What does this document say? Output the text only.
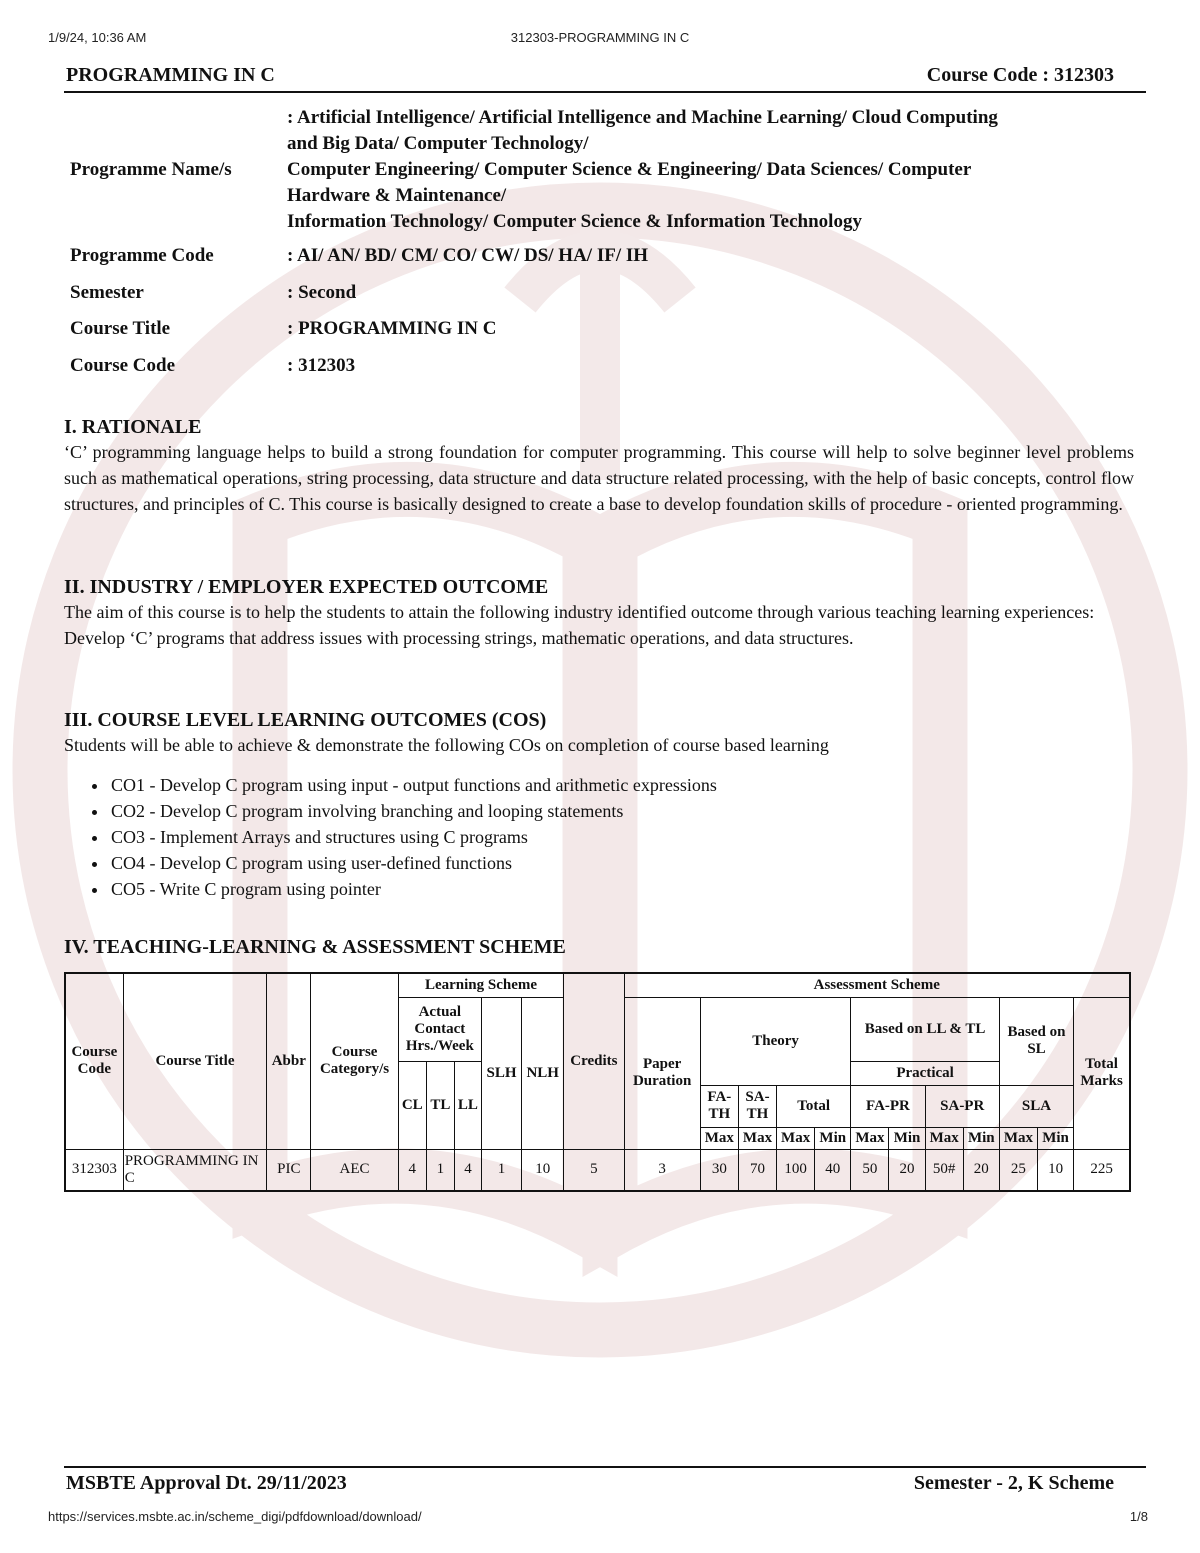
1/9/24, 10:36 AM	312303-PROGRAMMING IN C
PROGRAMMING IN C	Course Code : 312303
Programme Name/s	: Artificial Intelligence/ Artificial Intelligence and Machine Learning/ Cloud Computing
and Big Data/ Computer Technology/
Computer Engineering/ Computer Science & Engineering/ Data Sciences/ Computer
Hardware & Maintenance/
Information Technology/ Computer Science & Information Technology

Programme Code	: AI/ AN/ BD/ CM/ CO/ CW/ DS/ HA/ IF/ IH
Semester	: Second
Course Title	: PROGRAMMING IN C
Course Code	: 312303
I. RATIONALE

‘C’ programming language helps to build a strong foundation for computer programming. This course will help to solve beginner level problems such as mathematical operations, string processing, data structure and data structure related processing, with the help of basic concepts, control flow structures, and principles of C. This course is basically designed to create a base to develop foundation skills of procedure - oriented programming.

II. INDUSTRY / EMPLOYER EXPECTED OUTCOME

The aim of this course is to help the students to attain the following industry identified outcome through various teaching learning experiences: Develop ‘C’ programs that address issues with processing strings, mathematic operations, and data structures.

III. COURSE LEVEL LEARNING OUTCOMES (COS)

Students will be able to achieve & demonstrate the following COs on completion of course based learning

• CO1 - Develop C program using input - output functions and arithmetic expressions
• CO2 - Develop C program involving branching and looping statements
• CO3 - Implement Arrays and structures using C programs
• CO4 - Develop C program using user-defined functions
• CO5 - Write C program using pointer
IV. TEACHING-LEARNING & ASSESSMENT SCHEME
Course Code	Course Title	Abbr	Course Category/s	Learning Scheme					Credits	Assessment Scheme											
				Actual Contact Hrs./Week			SLH	NLH		Paper Duration	Theory				Based on LL & TL				Based on SL		Total Marks
				CL	TL	LL									Practical						
											FA-TH	SA-TH	Total		FA-PR		SA-PR		SLA		

											Max	Max	Max	Min	Max	Min	Max	Min	Max	Min	
312303	PROGRAMMING IN C	PIC	AEC	4	1	4	1	10	5	3	30	70	100	40	50	20	50#	20	25	10	225
MSBTE Approval Dt. 29/11/2023	Semester - 2, K Scheme
https://services.msbte.ac.in/scheme_digi/pdfdownload/download/	1/8
